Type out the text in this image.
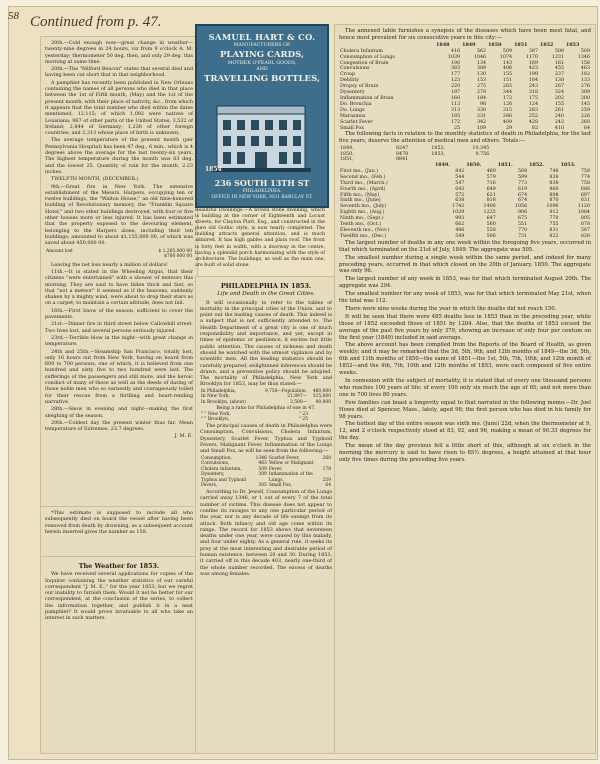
58 Continued from p. 47.

20th.—Cold enough now—great change in weather—twenty-nine degrees in 24 hours, viz from 9 o'clock A. M. yesterday; thermometer 50 deg. then, and only 29 deg. this morning at same time.

20th.—The "Milford Beacon" states that several died and having been cut short that in that neighborhood.

A pamphlet has recently been published in New Orleans containing the names of all persons who died in that place between the 1st of Fifth month, (May) and the 1st of the present month, with their place of nativity, &c., from which it appears that the total number who died within the dates mentioned, 12,115; of which 1,092 were natives of Louisiana; 967 of other parts of the United States; 3,532 of Ireland; 2,844 of Germany; 1,236 of other foreign countries; and 2,313 whose place of birth is unknown.

The average temperature of the present month (per Pennsylvania Hospital) has been 47 deg., 6 min., which is 4 degrees above the average for the last twenty-six years. The highest temperature during the month was 63 deg. and the lowest 25. Quantity of rain for the month, 2.23 inches.

TWELFTH MONTH, (DECEMBER.)

9th.—Great fire in New York. The extensive establishment of the Messrs. Harpers, occupying ten or twelve buildings, the "Walton House," an old time-honored building of Revolutionary memory, the "Franklin Square Hotel," and two other buildings destroyed, with four or five other houses more or less injured. It has been estimated that the property exposed to the devouring element, belonging to the Harpers alone, including their ten buildings, amounted to about $1,155,000 00, of which was saved about 450,000 00.

Amount lost	$ 1,205,000 00
	$700 000 00

Leaving the net loss nearly a million of dollars!

11th.—It is stated in the Wheeling Argus, that their citizens "were entertained" with a shower of meteors this morning. They are said to have fallen thick and fast, so that "not a meteor" it seemed as if the heavens, suddenly shaken by a mighty wind, were about to drop their stars as on a carpet; to maintain a certain altitude, does not fail.

16th.—First Snow of the season, sufficient to cover the pavements.

21st.—Dinner fire in third street below Callowhill street. Two lives lost, and several persons seriously injured.

23rd.—Terrible blow in the night—with great change in temperature.

24th and 25th.—Steamship San Francisco, totally lost, only 16 hours out from New York, having on board from 600 to 700 persons, one of which, it is believed from one hundred and sixty five to two hundred were lost. The sufferings of the passengers and still more, and the heroic conduct of many of those as well as the deeds of daring of those noble men who so earnestly and courageously toiled for their rescue from a thrilling and heart-rending narrative.

28th.—Snow in evening and night—making the first sleighing of the season.

29th.—Coldest day the present winter thus far. Mean temperature of Extremes, 23.7 degrees.

J. M. E.

*This estimate is supposed to include all who subsequently died on board the vessel after having been removed from death by drowning, as a subsequent account herein inserted gives the number as 158.

The Weather for 1853.

We have received several applications for copies of the Inquirer containing the weather statistics of our careful correspondent "J. M. E.," for the year 1853; but we regret our inability to furnish them. Would it not be better for our correspondent, at the conclusion of the series, to collect the information together, and publish it in a neat pamphlet? It would prove invaluable to all who take an interest in such matters.

SAMUEL HART & CO.
MANUFACTURERS OF
PLAYING CARDS,
MOTHER O'PEARL GOODS,
AND
TRAVELLING BOTTLES,
1854
236 SOUTH 13TH ST
PHILADELPHIA.
OFFICE IN NEW YORK, NO1 BARCLAY ST.
Beautiful Dwellings.—A brown stone dwelling, which is building at the corner of Eighteenth and Locust streets, for Clayton Platt, Esq., and constructed in the pure old Gothic style, is now nearly completed. The building attracts general attention, and is much admired. It has high gables and plain roof. The front is forty feet in width, with a doorway in the centre, having a splendid porch harmonizing with the style of architecture. The buildings, as well as the main one, are built of solid stone.
PHILADELPHIA IN 1853.
Life and Death in the Great Cities.

It will occasionally to refer to the tables of mortality in the principal cities of the Union, and to point out the leading causes of death. This indeed is a subject that is not sufficiently attended to. The Health Department of a great city is one of much responsibility and importance, and yet, except in times of epidemic or pestilence, it excites but little public attention. The causes of sickness and death should be watched with the utmost vigilance and by scientific men. All the leading statistics should be carefully prepared, enlightened inferences should be drawn, and a preventive policy should be adopted. The mortality of Philadelphia, New York and Brooklyn for 1853, may be thus stated:—

In Philadelphia,	9,756—Population,	460,000
In New York,	21,897—	515,000
In Brooklyn, (about)	3,500—	90,000
Being a ratio for Philadelphia of one in 47.
" " New York,	" 23
" " Brooklyn,	" 25

The principal causes of death in Philadelphia were Consumption, Convulsions, Cholera Infantum, Dysentery, Scarlet Fever, Typhus and Typhoid Fevers, Malignant Fever, Inflammation of the Lungs and Small Pox, as will be seen from the following:—

Consumption,	1346	Scarlet Fever,	268
Convulsions,	463	Yellow or Malignant	
Cholera Infantum,	509	Fever,	178
Dysentery,	309	Inflammation of the	
Typhus and Typhoid		Lungs,	259
Fevers,	305	Small Pox,	64

According to Dr. Jewell, Consumption of the Lungs carried away 1346, or 1 out of every 7 of the total number of victims. This disease does not appear to confine its ravages to any one particular period of the year, nor is any decade of life exempt from its attack. Both infancy and old age come within its range. The record for 1853 shows that seventeen deaths under one year, were caused by this malady, and four under eighty. As a general rule, it seeks its prey at the most interesting and desirable period of human existence, between 20 and 30. During 1853, it carried off in this decade 403, nearly one-third of the whole number recorded. The excess of deaths was among females.

The annexed table furnishes a synopsis of the diseases which have been most fatal, and hence most prevalent for six consecutive years in this city:—

	1848	1849	1850	1851	1852	1853
Cholera Infantum	416	562	509	387	508	509
Consumption of Lungs	1039	1046	1074	1170	1231	1346
Congestion of Brain	100	134	143	169	161	156
Convulsions	383	389	406	423	455	463
Croup	177	130	155	199	237	182
Debility	123	153	151	184	138	133
Dropsy of Brain	220	275	265	243	267	276
Dysentery	197	278	344	318	324	309
Inflammation of Brain	160	184	172	175	202	200
Do. Bronchia	113	98	126	124	155	145
Do. Lungs	313	330	315	283	261	259
Marasmus	185	231	286	252	240	226
Scarlet Fever	172	342	409	428	242	268
Small Pox	25	109	29	82	410	64

The following facts in relation to the monthly statistics of death in Philadelphia, for the last five years, deserve the attention of medical men and others. Totals:—

1849,	8247	1852,	10,345
1850,	8478	1853,	9,756
1851,	8841		
	1849.	1850.	1851.	1852.	1853.
First mo., (Jan.)	842	469	568	748	758
Second mo., (Feb.)	544	579	599	838	774
Third mo., (March.)	547	716	773	838	758
Fourth mo., (April)	643	649	619	860	686
Fifth mo., (May)	572	621	674	808	697
Sixth mo., (June)	638	818	674	870	631
Seventh mo., (July)	1742	1400	1056	1096	1120
Eighth mo., (Aug.)	1029	1225	906	912	1084
Ninth mo., (Sept.)	993	647	675	770	805
Tenth mo., (Oct.)	662	560	551	755	878
Eleventh mo., (Nov.)	486	558	770	831	587
Twelfth mo., (Dec.)	549	506	731	822	838

The largest number of deaths in any one week within the foregoing five years, occurred in that which terminated on the 21st of July, 1849. The aggregate was 505.

The smallest number during a single week within the same period, and indeed for many preceding years, occurred in that which closed on the 20th of January, 1850. The aggregate was only 96.

The largest number of any week in 1853, was for that which terminated August 20th. The aggregate was 294.

The smallest number for any week of 1853, was for that which terminated May 21st, when the total was 112.

There were nine weeks during the year in which the deaths did not reach 150.

It will be seen that there were 485 deaths less in 1853 than in the preceding year, while those of 1852 exceeded those of 1851 by 1204. Also, that the deaths of 1853 exceed the average of the past five years by only 379, showing an increase of only four per centum on the first year (1849) included in said average.

The above account has been compiled from the Reports of the Board of Health, as given weekly; and it may be remarked that the 3d, 5th, 9th, and 12th months of 1849—the 3d, 5th, 6th and 11th months of 1850—the same of 1851—the 1st, 5th, 7th, 10th, and 12th month of 1852—and the 4th, 7th, 10th and 12th months of 1853, were each composed of five entire weeks.

In connexion with the subject of mortality, it is stated that of every one thousand persons who reaches 100 years of life; of every 100 only six reach the age of 65; and not more than one in 700 lives 80 years.

Few families can boast a longevity equal to that narrated in the following memo:—Dr. Joel Howe died at Spencer, Mass., lately, aged 98; the first person who has died in his family for 98 years.

The hottest day of the entire season was sixth mo. (June) 22d, when the thermometer at 9, 12, and 2 o'clock respectively stood at 83, 92, and 96, making a mean of 90.33 degrees for the day.

The mean of the day previous fell a little short of this, although at six o'clock in the morning the mercury is said to have risen to 85½ degrees, a height attained at that hour only five times during the preceding five years.
